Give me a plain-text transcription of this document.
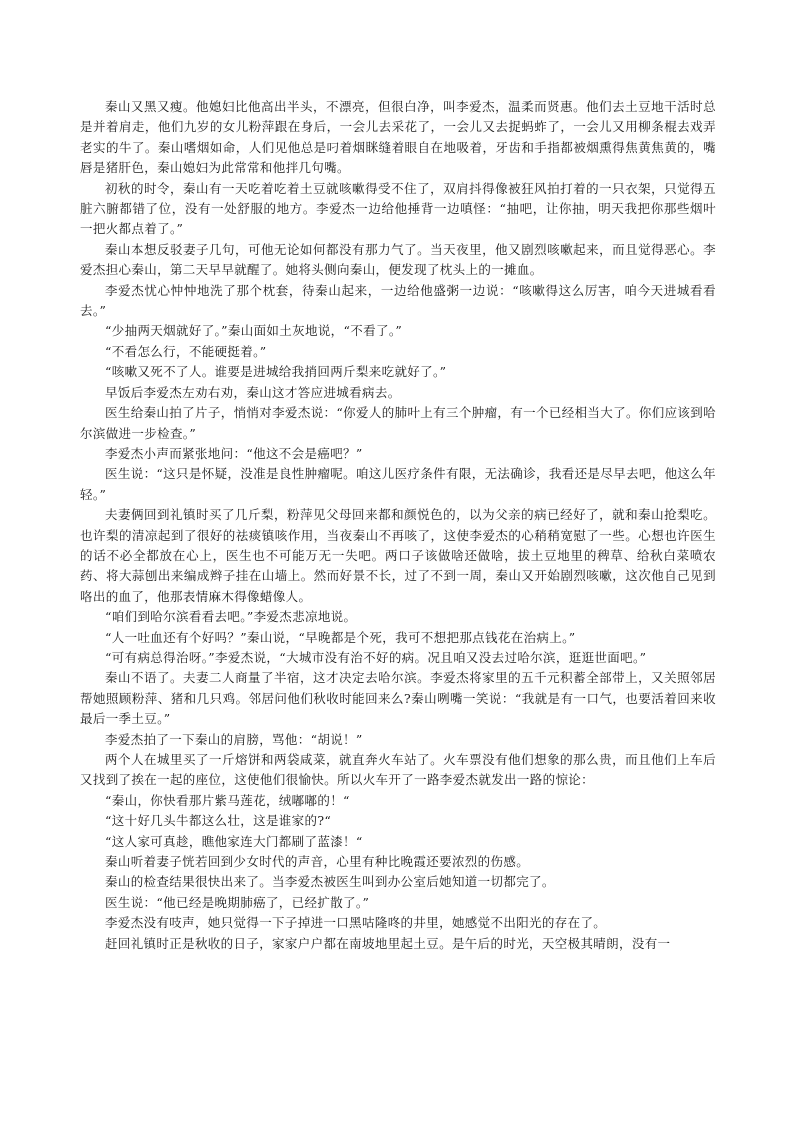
秦山又黑又瘦。他媳妇比他高出半头，不漂亮，但很白净，叫李爱杰，温柔而贤惠。他们去土豆地干活时总是并着肩走，他们九岁的女儿粉萍跟在身后，一会儿去采花了，一会儿又去捉蚂蚱了，一会儿又用柳条棍去戏弄老实的牛了。秦山嗜烟如命，人们见他总是叼着烟眯缝着眼自在地吸着，牙齿和手指都被烟熏得焦黄焦黄的，嘴唇是猪肝色，秦山媳妇为此常常和他拌几句嘴。

初秋的时令，秦山有一天吃着吃着土豆就咳嗽得受不住了，双肩抖得像被狂风拍打着的一只衣架，只觉得五脏六腑都错了位，没有一处舒服的地方。李爱杰一边给他捶背一边嗔怪：“抽吧，让你抽，明天我把你那些烟叶一把火都点着了。”

秦山本想反驳妻子几句，可他无论如何都没有那力气了。当天夜里，他又剧烈咳嗽起来，而且觉得恶心。李爱杰担心秦山，第二天早早就醒了。她将头侧向秦山，便发现了枕头上的一摊血。

李爱杰忧心忡忡地洗了那个枕套，待秦山起来，一边给他盛粥一边说：“咳嗽得这么厉害，咱今天进城看看去。”

“少抽两天烟就好了。”秦山面如土灰地说，“不看了。”

“不看怎么行，不能硬挺着。”

“咳嗽又死不了人。谁要是进城给我捎回两斤梨来吃就好了。”

早饭后李爱杰左劝右劝，秦山这才答应进城看病去。

医生给秦山拍了片子，悄悄对李爱杰说：“你爱人的肺叶上有三个肿瘤，有一个已经相当大了。你们应该到哈尔滨做进一步检查。”

李爱杰小声而紧张地问：“他这不会是癌吧？”

医生说：“这只是怀疑，没准是良性肿瘤呢。咱这儿医疗条件有限，无法确诊，我看还是尽早去吧，他这么年轻。”

夫妻俩回到礼镇时买了几斤梨，粉萍见父母回来都和颜悦色的，以为父亲的病已经好了，就和秦山抢梨吃。也许梨的清凉起到了很好的祛痰镇咳作用，当夜秦山不再咳了，这使李爱杰的心稍稍宽慰了一些。心想也许医生的话不必全都放在心上，医生也不可能万无一失吧。两口子该做啥还做啥，拔土豆地里的稗草、给秋白菜喷农药、将大蒜刨出来编成辫子挂在山墙上。然而好景不长，过了不到一周，秦山又开始剧烈咳嗽，这次他自己见到咯出的血了，他那表情麻木得像蜡像人。

“咱们到哈尔滨看看去吧。”李爱杰悲凉地说。

“人一吐血还有个好吗？”秦山说，“早晚都是个死，我可不想把那点钱花在治病上。”

“可有病总得治呀。”李爱杰说，“大城市没有治不好的病。况且咱又没去过哈尔滨，逛逛世面吧。”

秦山不语了。夫妻二人商量了半宿，这才决定去哈尔滨。李爱杰将家里的五千元积蓄全部带上，又关照邻居帮她照顾粉萍、猪和几只鸡。邻居问他们秋收时能回来么?秦山咧嘴一笑说：“我就是有一口气，也要活着回来收最后一季土豆。”

李爱杰拍了一下秦山的肩膀，骂他：“胡说！”

两个人在城里买了一斤熔饼和两袋咸菜，就直奔火车站了。火车票没有他们想象的那么贵，而且他们上车后又找到了挨在一起的座位，这使他们很愉快。所以火车开了一路李爱杰就发出一路的惊论：

“秦山，你快看那片紫马莲花，绒嘟嘟的！“

“这十好几头牛都这么壮，这是谁家的?“

“这人家可真趁，瞧他家连大门都刷了蓝漆！“

秦山听着妻子恍若回到少女时代的声音，心里有种比晚霞还要浓烈的伤感。

秦山的检查结果很快出来了。当李爱杰被医生叫到办公室后她知道一切都完了。

医生说：“他已经是晚期肺癌了，已经扩散了。”

李爱杰没有吱声，她只觉得一下子掉进一口黑咕隆咚的井里，她感觉不出阳光的存在了。

赶回礼镇时正是秋收的日子，家家户户都在南坡地里起土豆。是午后的时光，天空极其晴朗，没有一
